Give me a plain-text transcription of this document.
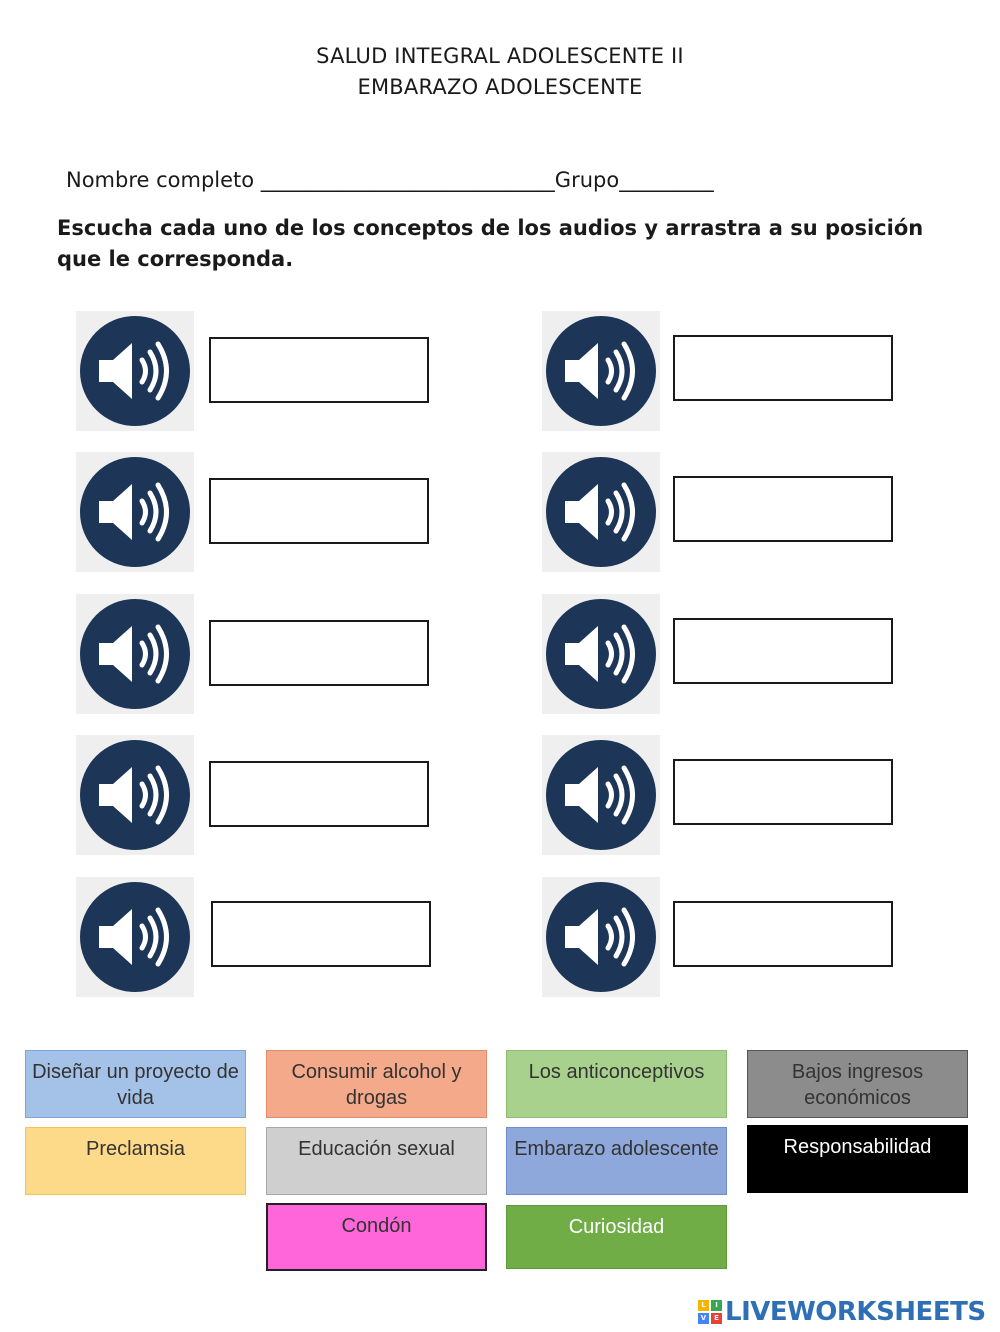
SALUD INTEGRAL ADOLESCENTE II
EMBARAZO ADOLESCENTE
Nombre completo ____________________________Grupo_________
Escucha cada uno de los conceptos de los audios y arrastra a su posición que le corresponda.
Diseñar un proyecto de vida
Consumir alcohol y drogas
Los anticonceptivos	Bajos ingresos económicos
Preclamsia	Educación sexual	Embarazo adolescente	Responsabilidad
Condón	Curiosidad
L	I
V	E LIVEWORKSHEETS
